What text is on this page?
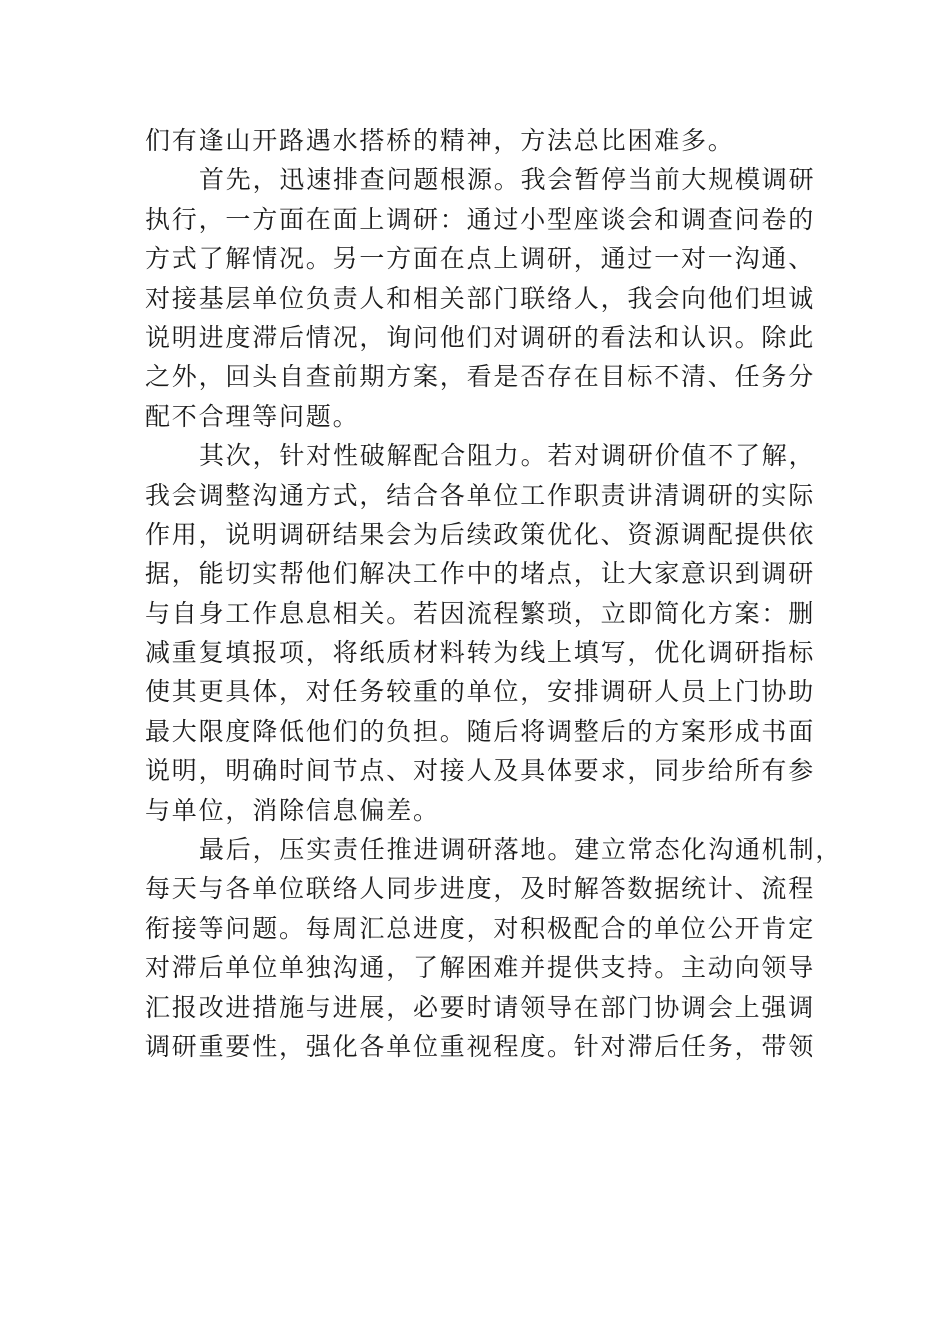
们有逢山开路遇水搭桥的精神，方法总比困难多。
首先，迅速排查问题根源。我会暂停当前大规模调研
执行，一方面在面上调研：通过小型座谈会和调查问卷的
方式了解情况。另一方面在点上调研，通过一对一沟通、
对接基层单位负责人和相关部门联络人，我会向他们坦诚
说明进度滞后情况，询问他们对调研的看法和认识。除此
之外，回头自查前期方案，看是否存在目标不清、任务分
配不合理等问题。
其次，针对性破解配合阻力。若对调研价值不了解，
我会调整沟通方式，结合各单位工作职责讲清调研的实际
作用，说明调研结果会为后续政策优化、资源调配提供依
据，能切实帮他们解决工作中的堵点，让大家意识到调研
与自身工作息息相关。若因流程繁琐，立即简化方案：删
减重复填报项，将纸质材料转为线上填写，优化调研指标
使其更具体，对任务较重的单位，安排调研人员上门协助
最大限度降低他们的负担。随后将调整后的方案形成书面
说明，明确时间节点、对接人及具体要求，同步给所有参
与单位，消除信息偏差。
最后，压实责任推进调研落地。建立常态化沟通机制，
每天与各单位联络人同步进度，及时解答数据统计、流程
衔接等问题。每周汇总进度，对积极配合的单位公开肯定
对滞后单位单独沟通，了解困难并提供支持。主动向领导
汇报改进措施与进展，必要时请领导在部门协调会上强调
调研重要性，强化各单位重视程度。针对滞后任务，带领
